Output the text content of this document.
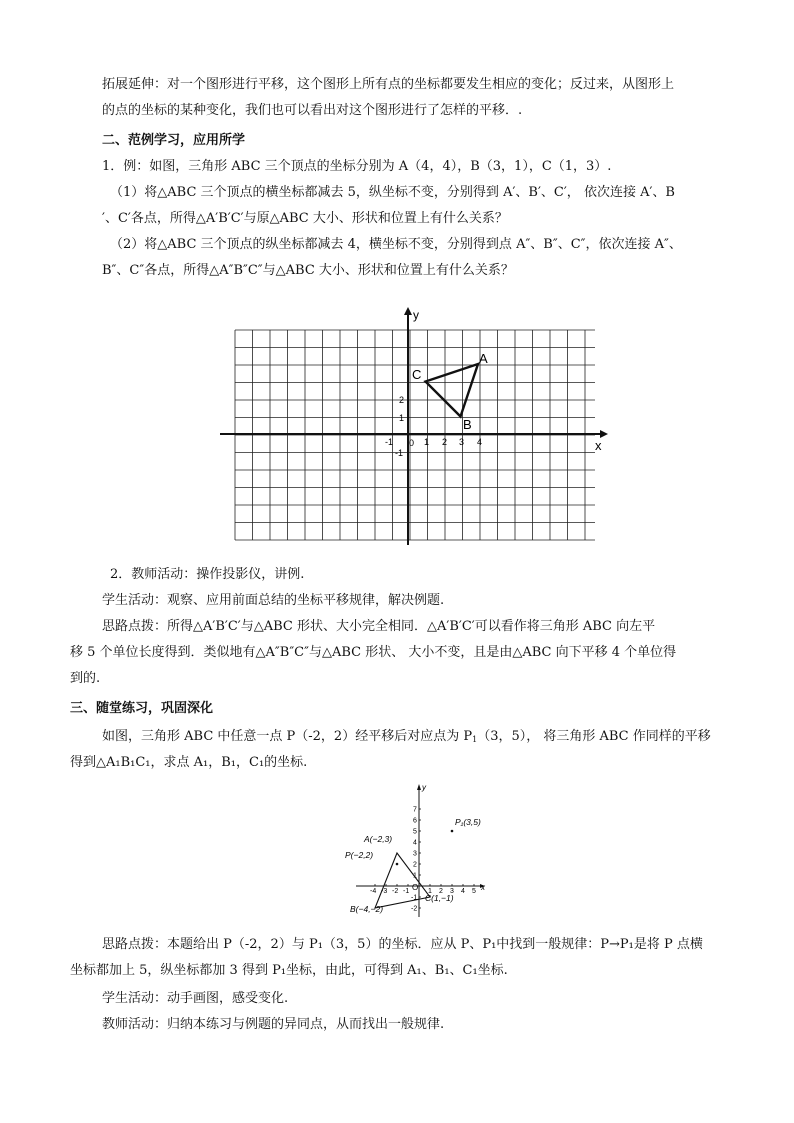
拓展延伸：对一个图形进行平移，这个图形上所有点的坐标都要发生相应的变化；反过来，从图形上

的点的坐标的某种变化，我们也可以看出对这个图形进行了怎样的平移．.

二、范例学习，应用所学

1．例：如图，三角形 ABC 三个顶点的坐标分别为 A（4，4），B（3，1），C（1，3）.

（1）将△ABC 三个顶点的横坐标都减去 5，纵坐标不变，分别得到 A′、B′、C′， 依次连接 A′、B

′、C′各点，所得△A′B′C′与原△ABC 大小、形状和位置上有什么关系？

（2）将△ABC 三个顶点的纵坐标都减去 4，横坐标不变，分别得到点 A″、B″、C″，依次连接 A″、

B″、C″各点，所得△A″B″C″与△ABC 大小、形状和位置上有什么关系？

x
y
0
-1	1 2 3 4
1
2
-1
A
B
C

2．教师活动：操作投影仪，讲例.

学生活动：观察、应用前面总结的坐标平移规律，解决例题.

思路点拨：所得△A′B′C′与△ABC 形状、大小完全相同．△A′B′C′可以看作将三角形 ABC 向左平

移 5 个单位长度得到．类似地有△A″B″C″与△ABC 形状、 大小不变，且是由△ABC 向下平移 4 个单位得

到的.

三、随堂练习，巩固深化

如图，三角形 ABC 中任意一点 P（-2，2）经平移后对应点为 $P_1(3$，5）， 将三角形 ABC 作同样的平移

得到△A₁B₁C₁，求点 A₁，B₁，C₁的坐标.

x
y
O
-4 -3 -2 -1	1 2 3 4 5
1
2
3
4
5
6
7
-1
-2
A(−2,3)
B(−4,−2)
C(1,−1)
P(−2,2)
P₁(3,5)

思路点拨：本题给出 P（-2，2）与 P₁（3，5）的坐标．应从 P、P₁中找到一般规律：P→P₁是将 P 点横

坐标都加上 5，纵坐标都加 3 得到 P₁坐标，由此，可得到 A₁、B₁、C₁坐标.

学生活动：动手画图，感受变化.

教师活动：归纳本练习与例题的异同点，从而找出一般规律.
